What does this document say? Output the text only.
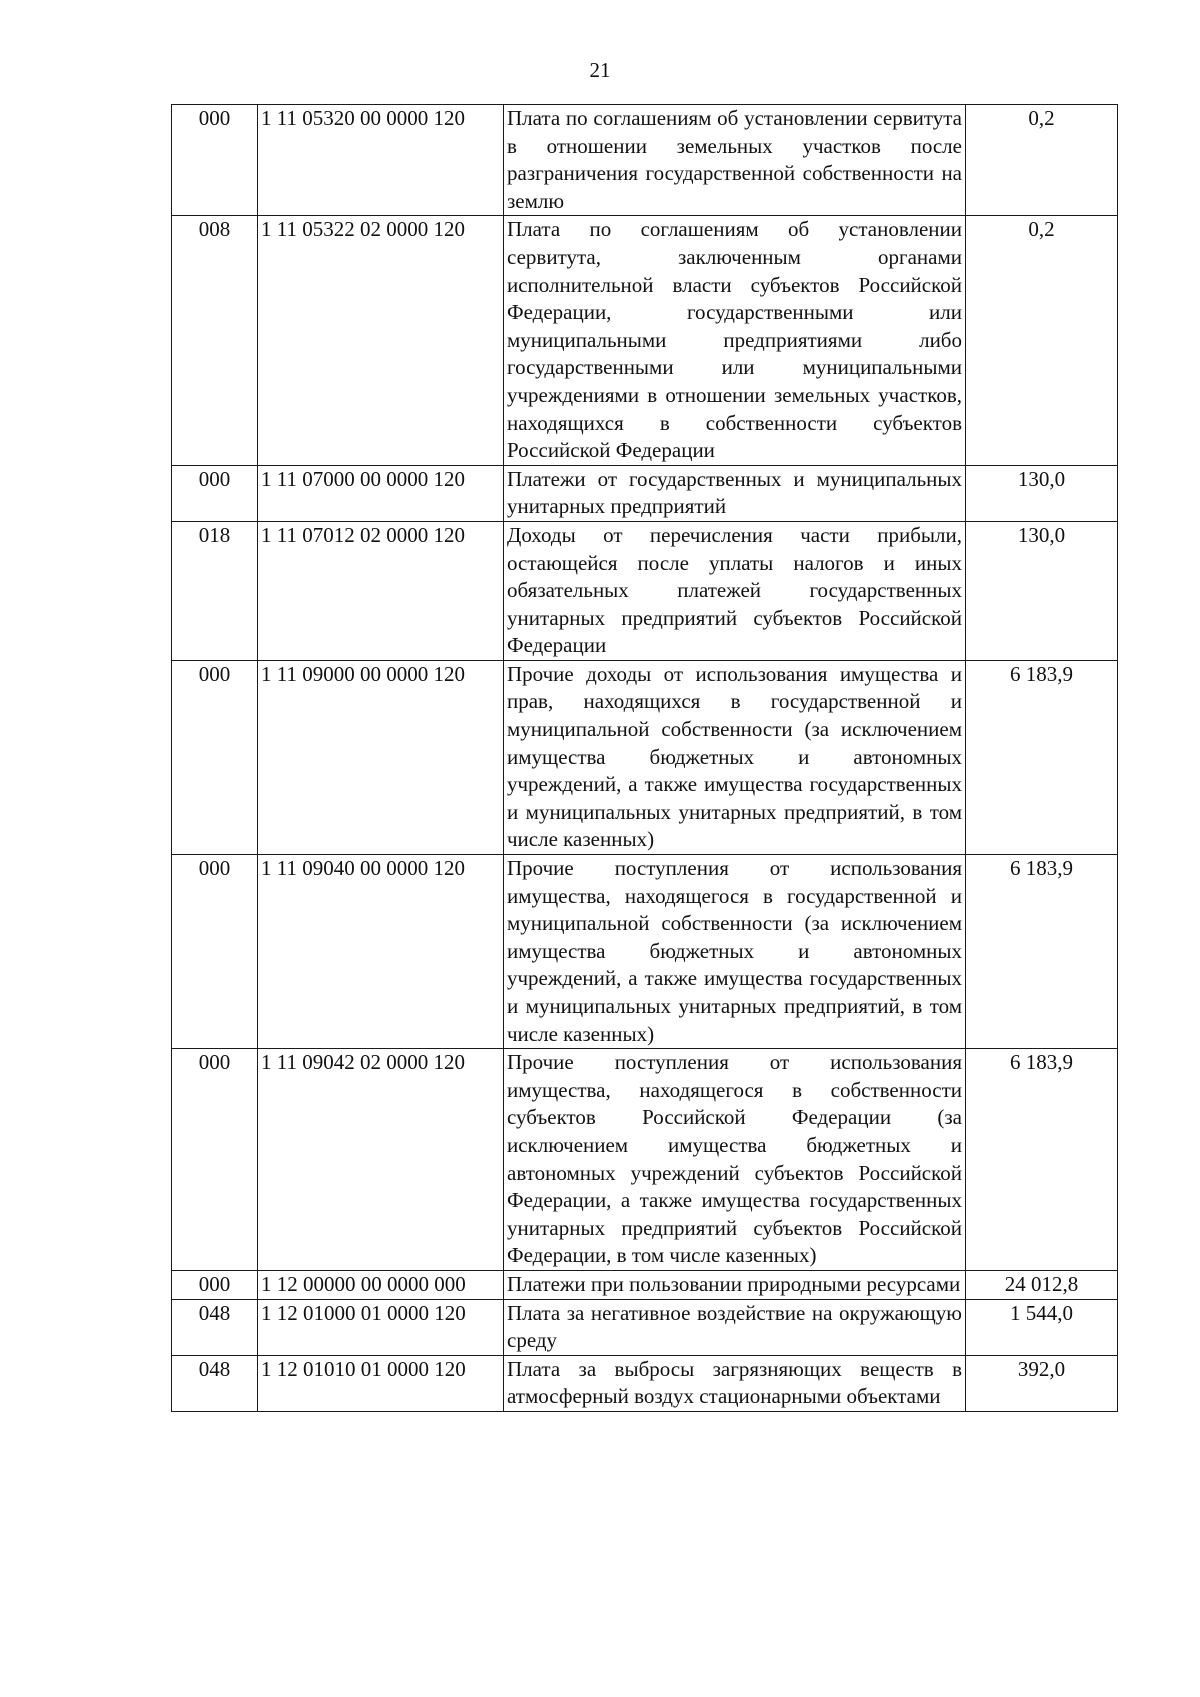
21
000	1 11 05320 00 0000 120	Плата по соглашениям об установлении сервитута в отношении земельных участков после разграничения государственной собственности на землю	0,2
008	1 11 05322 02 0000 120	Плата по соглашениям об установлении сервитута, заключенным органами исполнительной власти субъектов Российской Федерации, государственными или муниципальными предприятиями либо государственными или муниципальными учреждениями в отношении земельных участков, находящихся в собственности субъектов Российской Федерации	0,2
000	1 11 07000 00 0000 120	Платежи от государственных и муниципальных унитарных предприятий	130,0
018	1 11 07012 02 0000 120	Доходы от перечисления части прибыли, остающейся после уплаты налогов и иных обязательных платежей государственных унитарных предприятий субъектов Российской Федерации	130,0
000	1 11 09000 00 0000 120	Прочие доходы от использования имущества и прав, находящихся в государственной и муниципальной собственности (за исключением имущества бюджетных и автономных учреждений, а также имущества государственных и муниципальных унитарных предприятий, в том числе казенных)	6 183,9
000	1 11 09040 00 0000 120	Прочие поступления от использования имущества, находящегося в государственной и муниципальной собственности (за исключением имущества бюджетных и автономных учреждений, а также имущества государственных и муниципальных унитарных предприятий, в том числе казенных)	6 183,9
000	1 11 09042 02 0000 120	Прочие поступления от использования имущества, находящегося в собственности субъектов Российской Федерации (за исключением имущества бюджетных и автономных учреждений субъектов Российской Федерации, а также имущества государственных унитарных предприятий субъектов Российской Федерации, в том числе казенных)	6 183,9
000	1 12 00000 00 0000 000	Платежи при пользовании природными ресурсами	24 012,8
048	1 12 01000 01 0000 120	Плата за негативное воздействие на окружающую среду	1 544,0
048	1 12 01010 01 0000 120	Плата за выбросы загрязняющих веществ в атмосферный воздух стационарными объектами	392,0
